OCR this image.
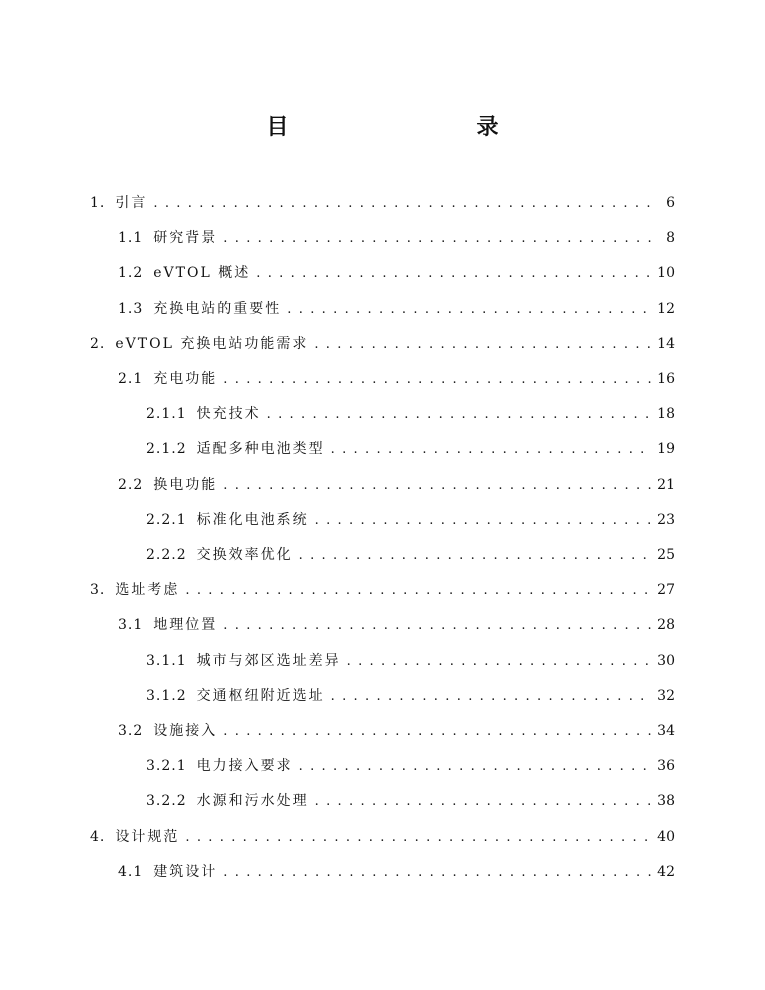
目　　录
1. 引言 . . .	6
1.1 研究背景 . . .	8
1.2 eVTOL 概述 . . .	10
1.3 充换电站的重要性 . . .	12
2. eVTOL 充换电站功能需求 . . .	14
2.1 充电功能 . . .	16
2.1.1 快充技术 . . .	18
2.1.2 适配多种电池类型 . . .	19
2.2 换电功能 . . .	21
2.2.1 标准化电池系统 . . .	23
2.2.2 交换效率优化 . . .	25
3. 选址考虑 . . .	27
3.1 地理位置 . . .	28
3.1.1 城市与郊区选址差异 . . .	30
3.1.2 交通枢纽附近选址 . . .	32
3.2 设施接入 . . .	34
3.2.1 电力接入要求 . . .	36
3.2.2 水源和污水处理 . . .	38
4. 设计规范 . . .	40
4.1 建筑设计 . . .	42
